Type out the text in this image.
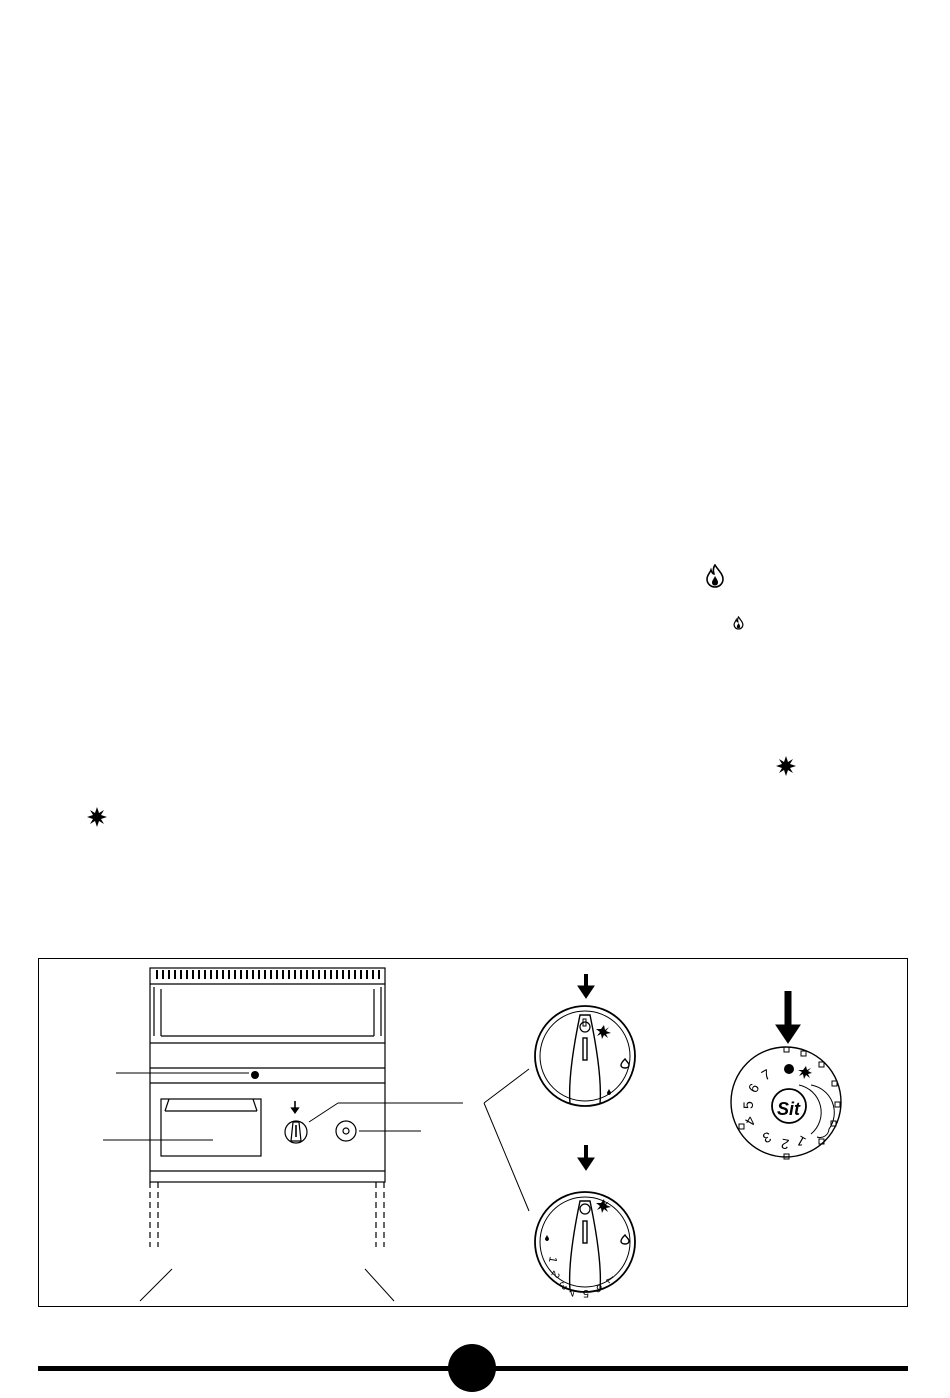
1
2
3
4 5 6
7
Sit
1
2
3
4
5
6
7
